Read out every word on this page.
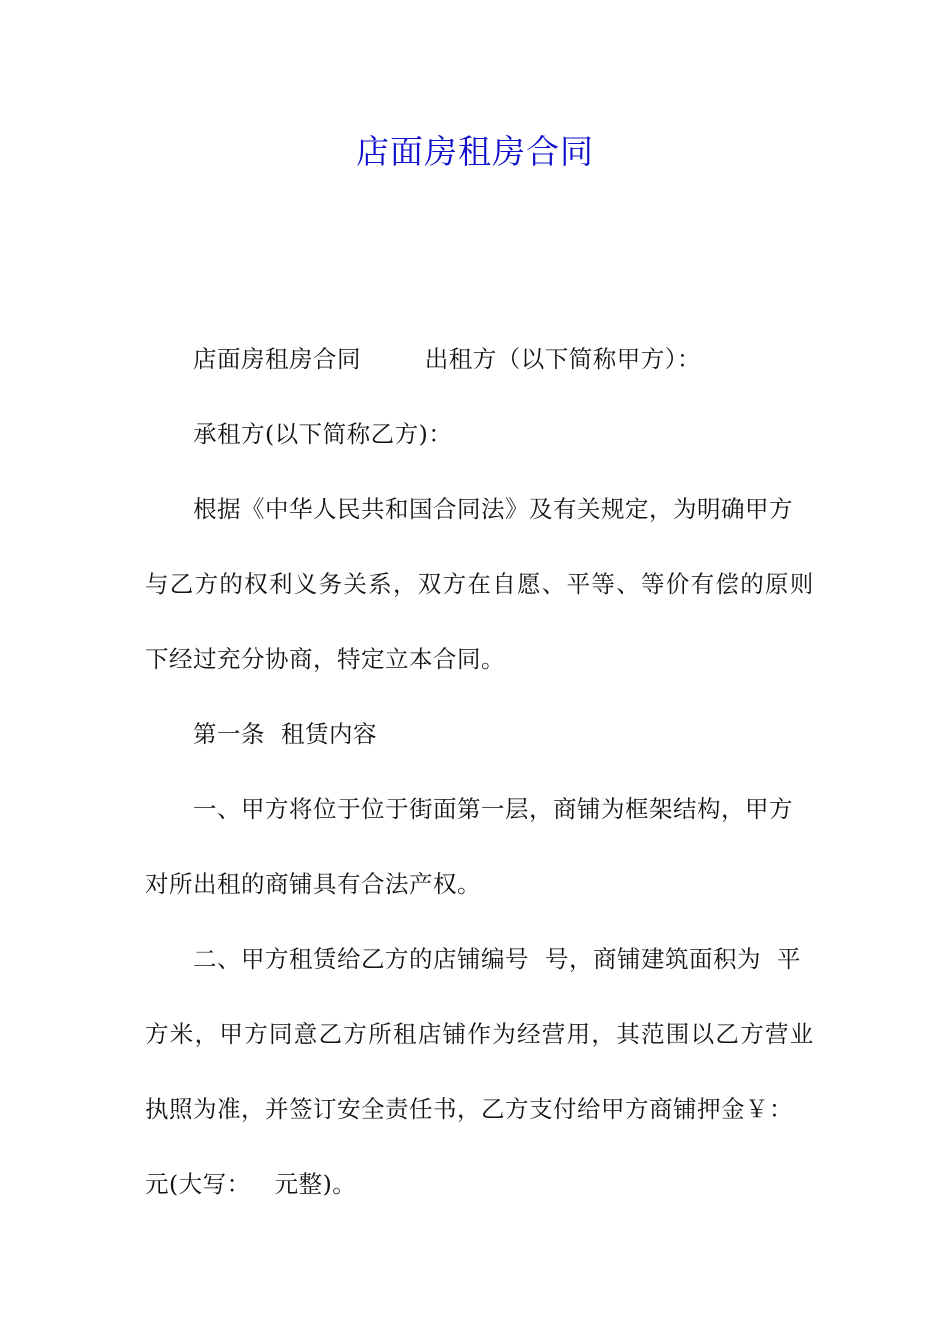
店面房租房合同
店面房租房合同        出租方（以下简称甲方）：
承租方(以下简称乙方)：
根据《中华人民共和国合同法》及有关规定，为明确甲方
与乙方的权利义务关系，双方在自愿、平等、等价有偿的原则
下经过充分协商，特定立本合同。
第一条  租赁内容
一、甲方将位于位于街面第一层，商铺为框架结构，甲方
对所出租的商铺具有合法产权。
二、甲方租赁给乙方的店铺编号  号，商铺建筑面积为  平
方米，甲方同意乙方所租店铺作为经营用，其范围以乙方营业
执照为准，并签订安全责任书，乙方支付给甲方商铺押金￥：
元(大写：   元整)。
